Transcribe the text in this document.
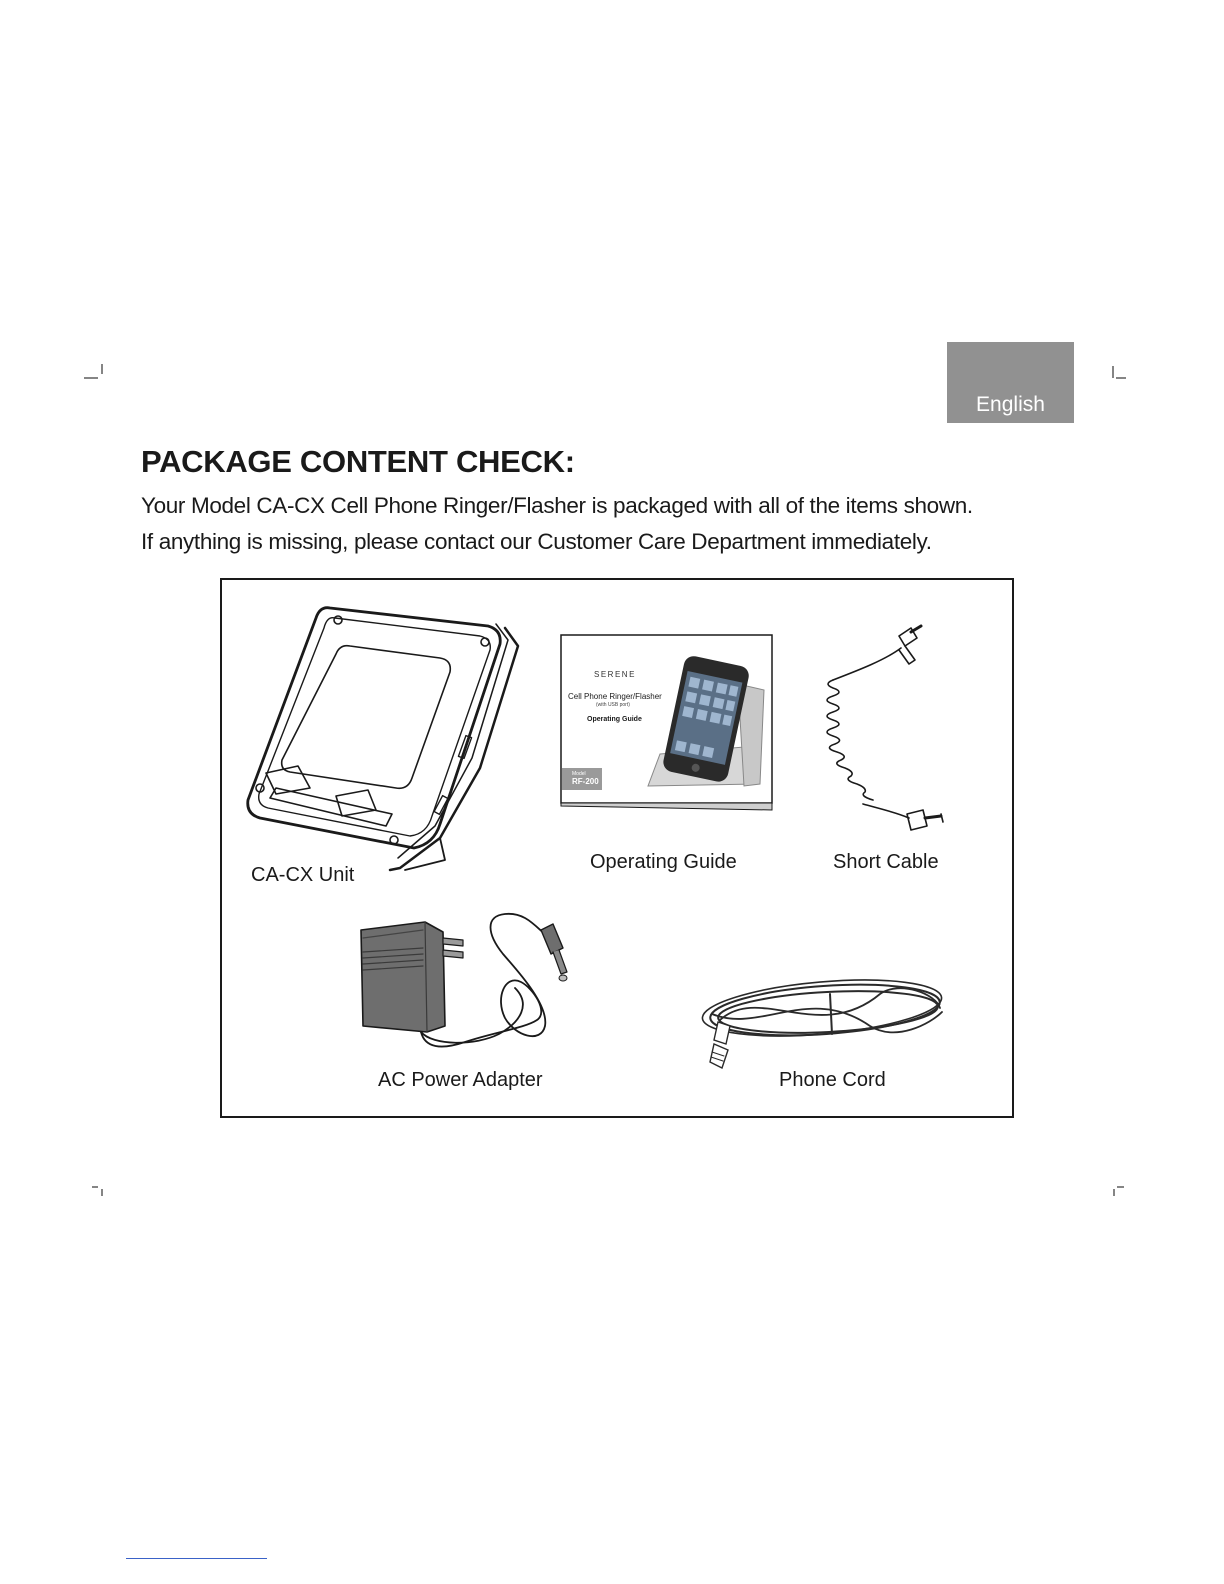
English
PACKAGE CONTENT CHECK:

Your Model CA-CX Cell Phone Ringer/Flasher is packaged with all of the items shown.
If anything is missing, please contact our Customer Care Department immediately.

CA-CX Unit
SERENE
Cell Phone Ringer/Flasher
(with USB port)
Operating Guide
Model
RF-200
Operating Guide	Short Cable
AC Power Adapter	Phone Cord
